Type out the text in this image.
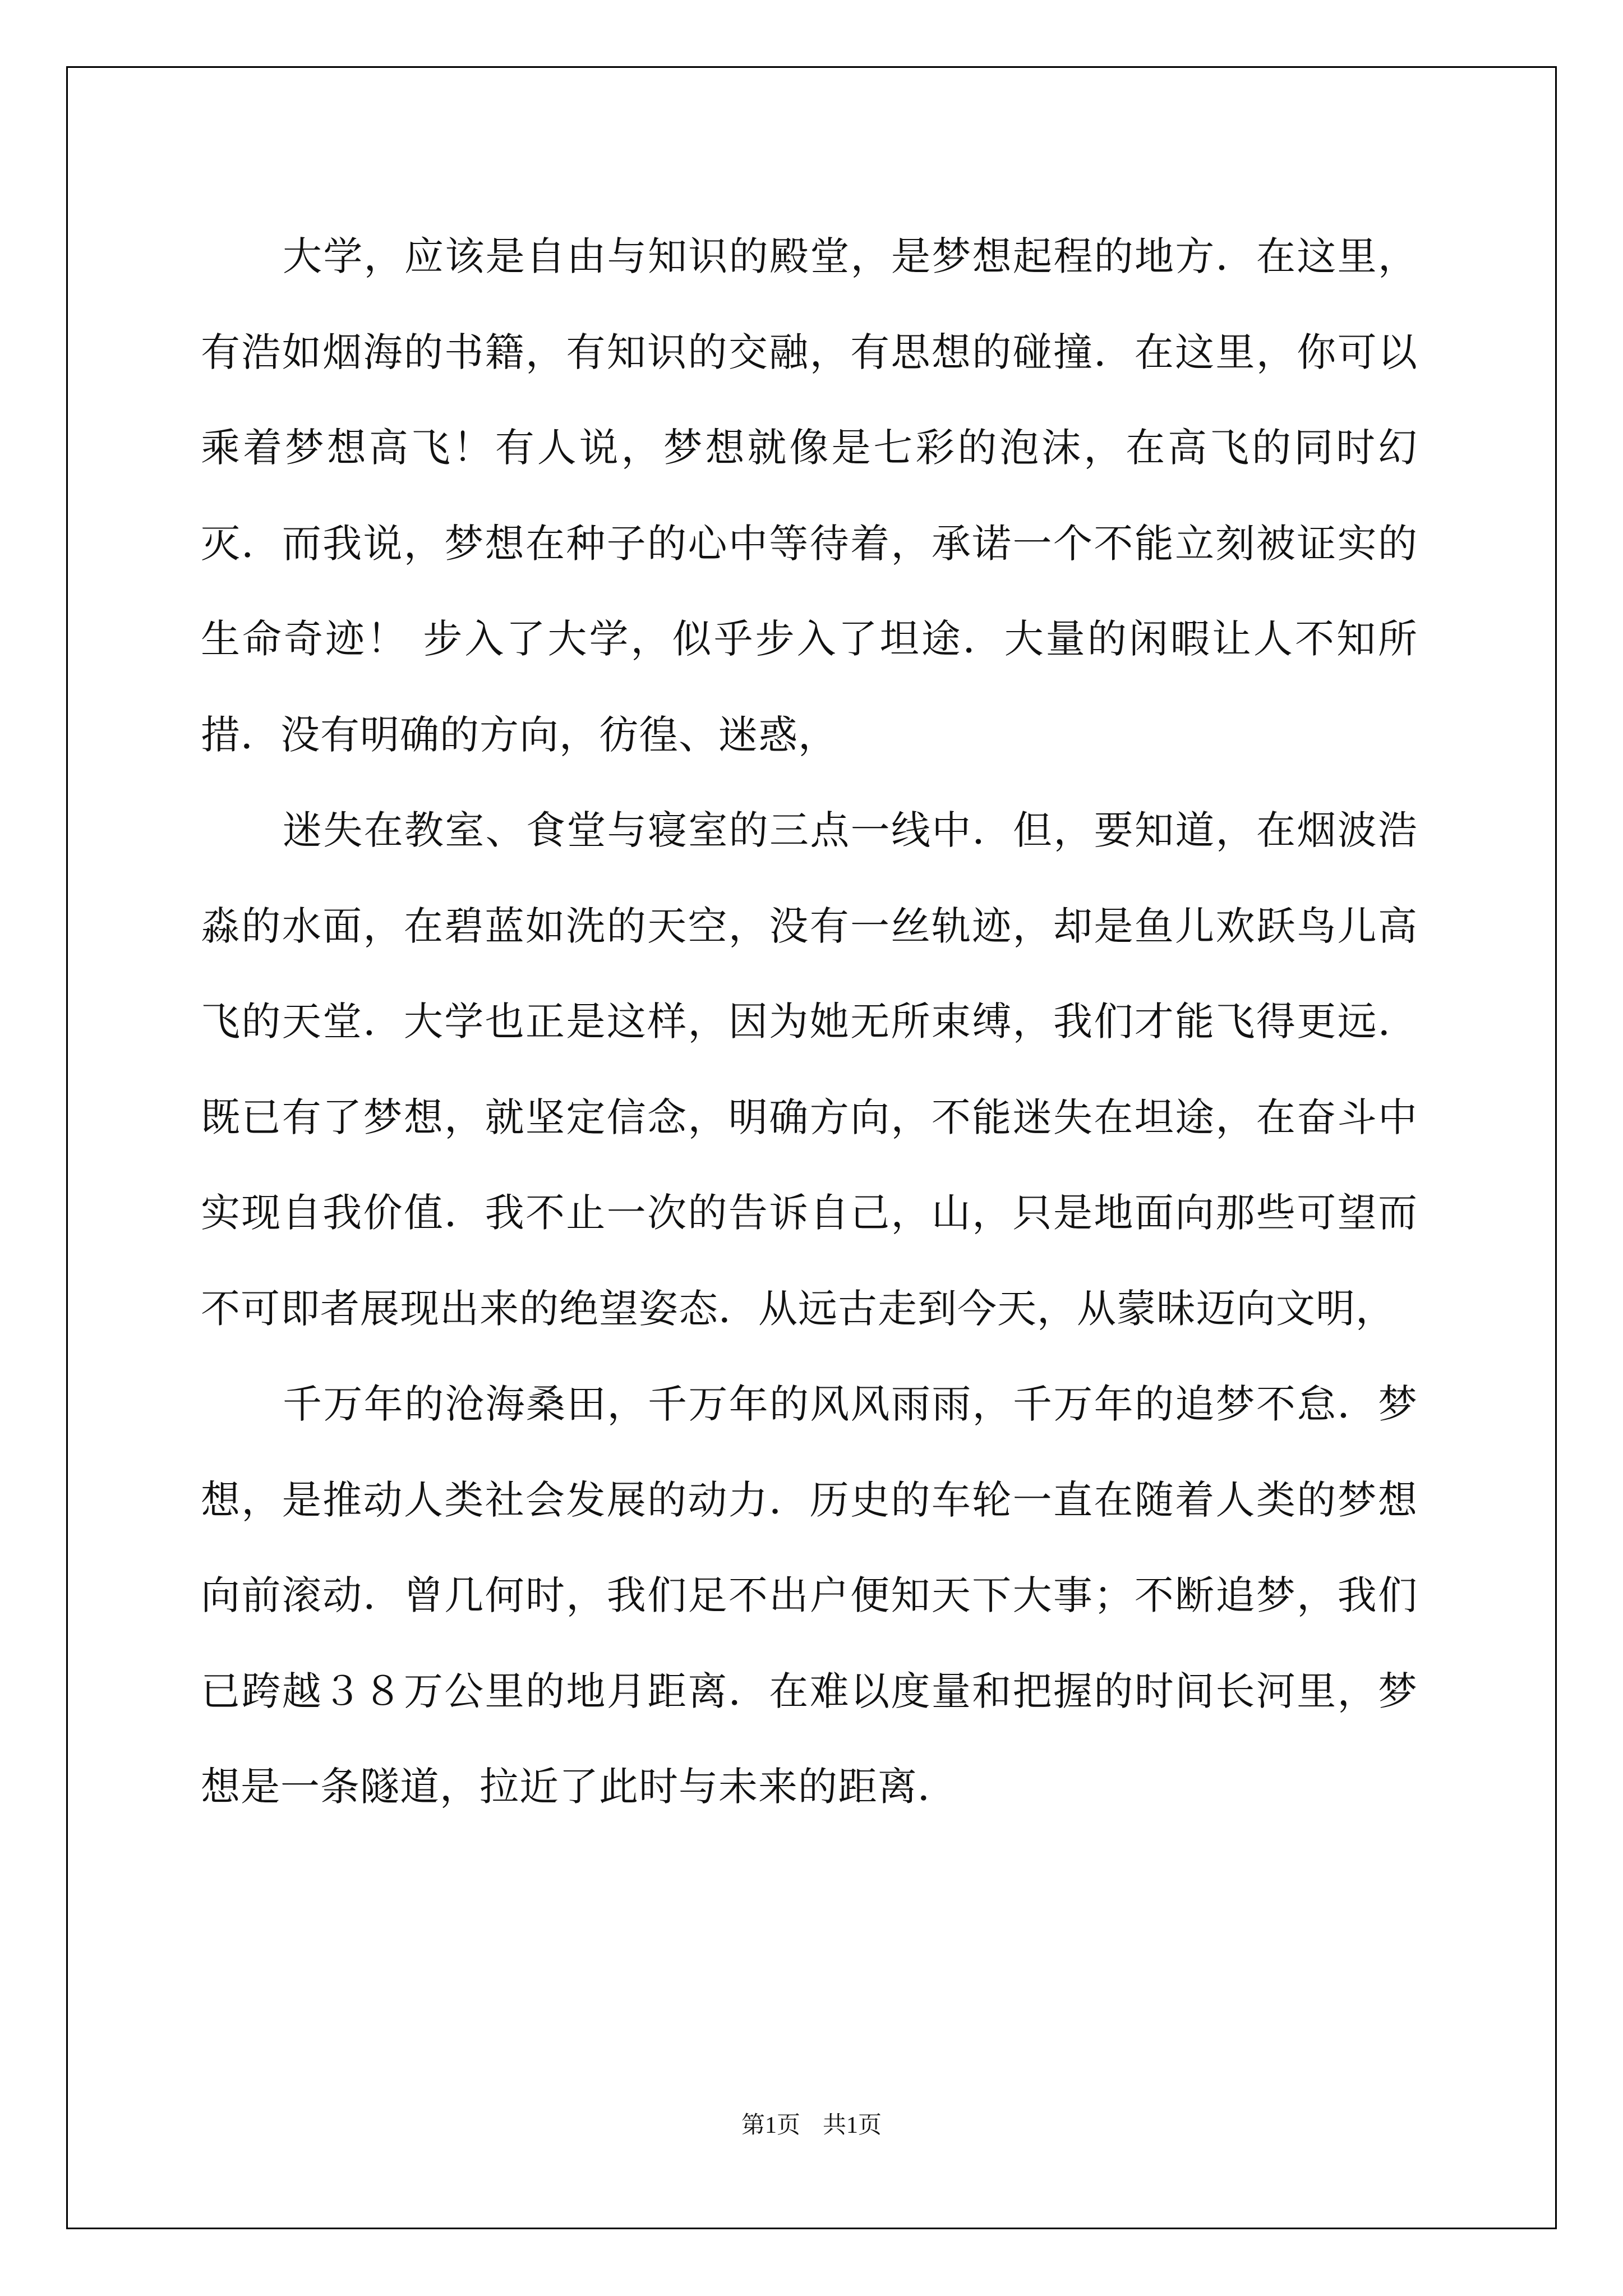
大学，应该是自由与知识的殿堂，是梦想起程的地方．在这里，有浩如烟海的书籍，有知识的交融，有思想的碰撞．在这里，你可以乘着梦想高飞！有人说，梦想就像是七彩的泡沫，在高飞的同时幻灭．而我说，梦想在种子的心中等待着，承诺一个不能立刻被证实的生命奇迹！ 步入了大学，似乎步入了坦途．大量的闲暇让人不知所措．没有明确的方向，彷徨、迷惑，

迷失在教室、食堂与寝室的三点一线中．但，要知道，在烟波浩淼的水面，在碧蓝如洗的天空，没有一丝轨迹，却是鱼儿欢跃鸟儿高飞的天堂．大学也正是这样，因为她无所束缚，我们才能飞得更远．既已有了梦想，就坚定信念，明确方向，不能迷失在坦途，在奋斗中实现自我价值．我不止一次的告诉自己，山，只是地面向那些可望而不可即者展现出来的绝望姿态．从远古走到今天，从蒙昧迈向文明，

千万年的沧海桑田，千万年的风风雨雨，千万年的追梦不怠．梦想，是推动人类社会发展的动力．历史的车轮一直在随着人类的梦想向前滚动．曾几何时，我们足不出户便知天下大事；不断追梦，我们已跨越３８万公里的地月距离．在难以度量和把握的时间长河里，梦想是一条隧道，拉近了此时与未来的距离．

第1页 共1页
